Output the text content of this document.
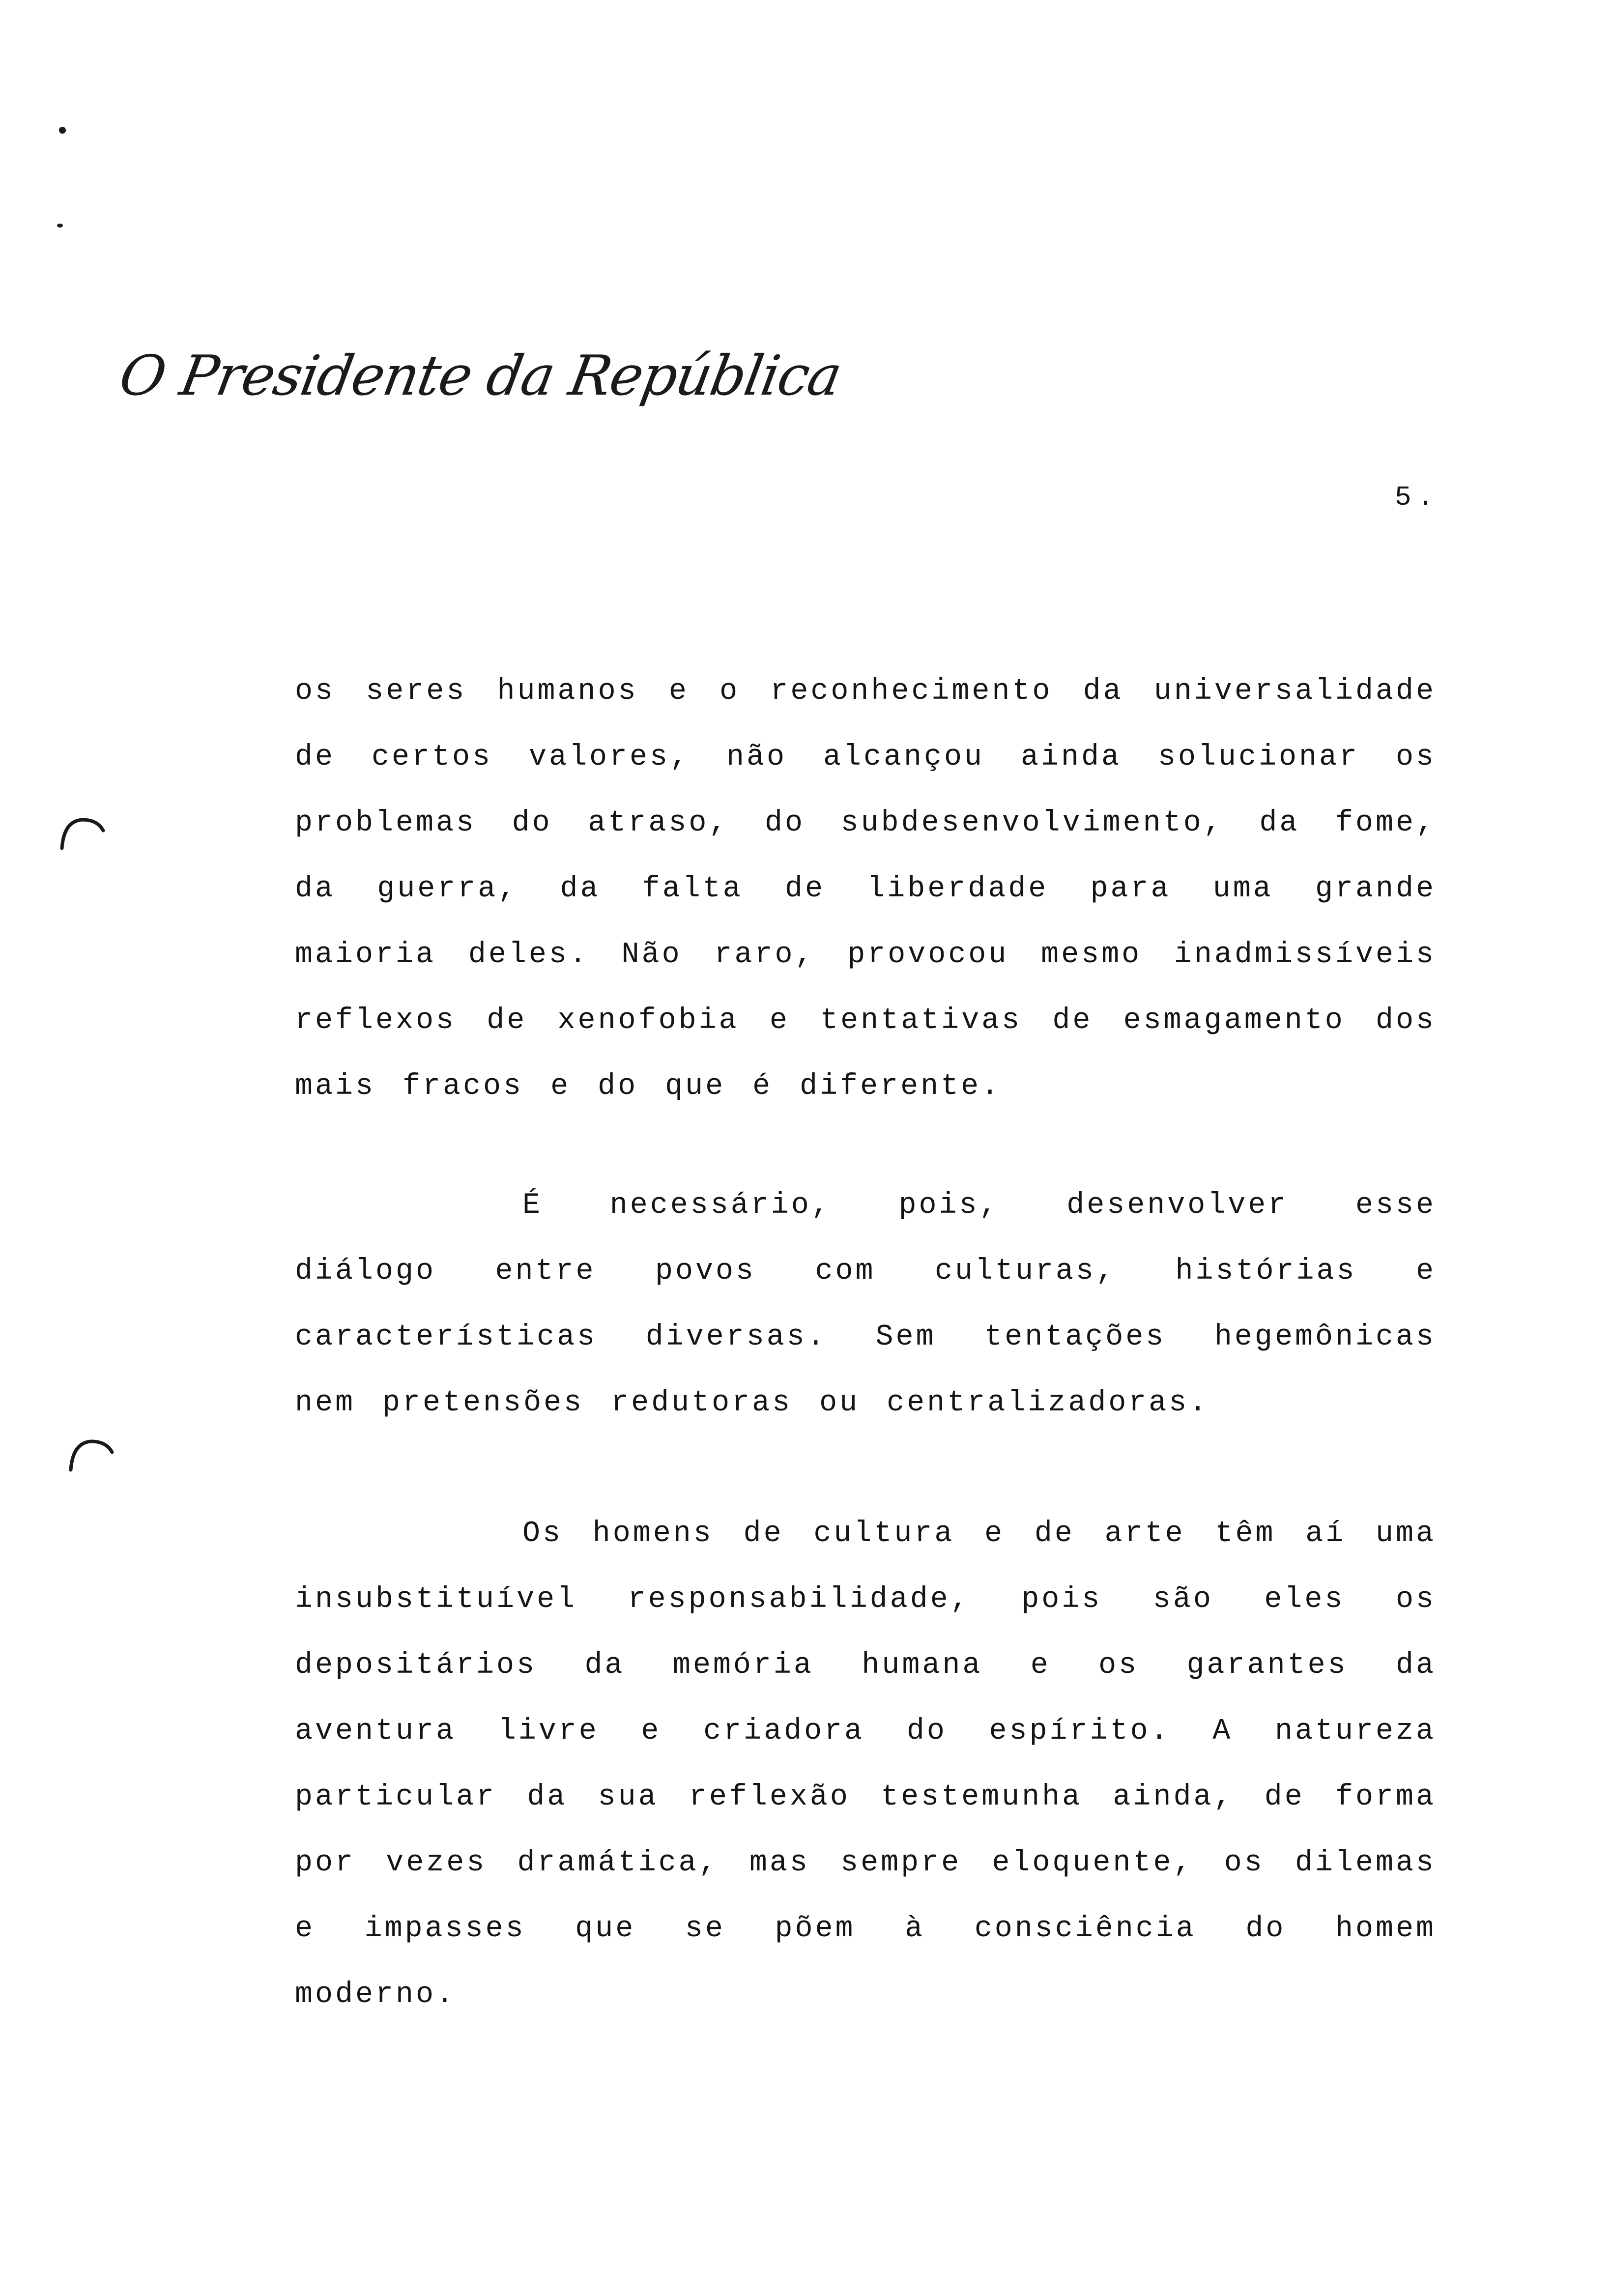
O Presidente da República
5.

os seres humanos e o reconhecimento da universalidade de certos valores, não alcançou ainda solucionar os problemas do atraso, do subdesenvolvimento, da fome, da guerra, da falta de liberdade para uma grande maioria deles. Não raro, provocou mesmo inadmissíveis reflexos de xenofobia e tentativas de esmagamento dos mais fracos e do que é diferente.

É necessário, pois, desenvolver esse diálogo entre povos com culturas, histórias e características diversas. Sem tentações hegemônicas nem pretensões redutoras ou centralizadoras.

Os homens de cultura e de arte têm aí uma insubstituível responsabilidade, pois são eles os depositários da memória humana e os garantes da aventura livre e criadora do espírito. A natureza particular da sua reflexão testemunha ainda, de forma por vezes dramática, mas sempre eloquente, os dilemas e impasses que se põem à consciência do homem moderno.
